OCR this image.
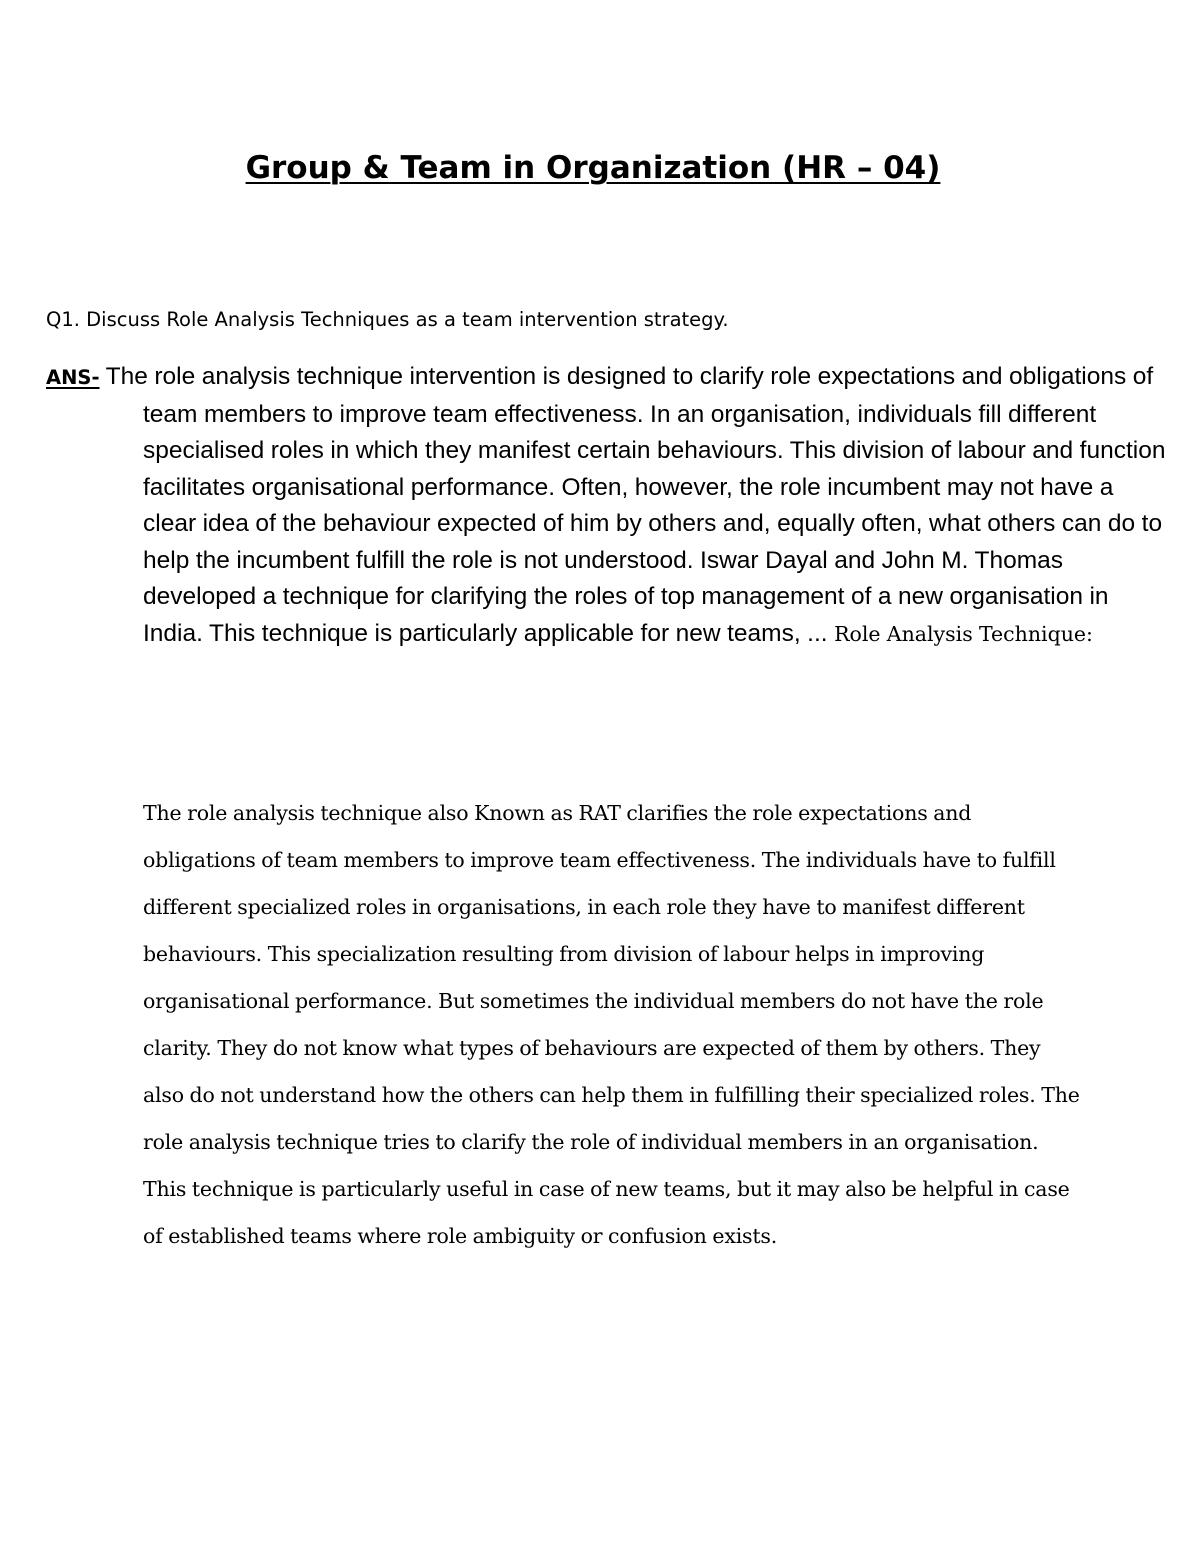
Group & Team in Organization (HR – 04)
Q1. Discuss Role Analysis Techniques as a team intervention strategy.
ANS- The role analysis technique intervention is designed to clarify role expectations and obligations of team members to improve team effectiveness. In an organisation, individuals fill different specialised roles in which they manifest certain behaviours. This division of labour and function facilitates organisational performance. Often, however, the role incumbent may not have a clear idea of the behaviour expected of him by others and, equally often, what others can do to help the incumbent fulfill the role is not understood. Iswar Dayal and John M. Thomas developed a technique for clarifying the roles of top management of a new organisation in India. This technique is particularly applicable for new teams, ... Role Analysis Technique:
The role analysis technique also Known as RAT clarifies the role expectations and obligations of team members to improve team effectiveness. The individuals have to fulfill different specialized roles in organisations, in each role they have to manifest different behaviours. This specialization resulting from division of labour helps in improving organisational performance. But sometimes the individual members do not have the role clarity. They do not know what types of behaviours are expected of them by others. They also do not understand how the others can help them in fulfilling their specialized roles. The role analysis technique tries to clarify the role of individual members in an organisation. This technique is particularly useful in case of new teams, but it may also be helpful in case of established teams where role ambiguity or confusion exists.
